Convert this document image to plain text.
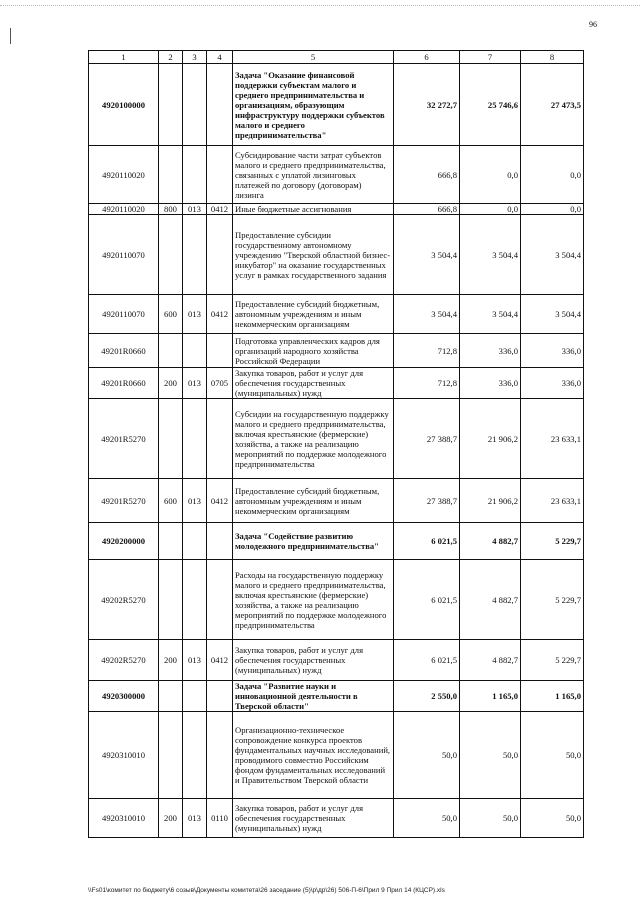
96
1	2	3	4	5	6	7	8
4920100000				Задача "Оказание финансовой поддержки субъектам малого и среднего предпринимательства и организациям, образующим инфраструктуру поддержки субъектов малого и среднего предпринимательства"	32 272,7	25 746,6	27 473,5
4920110020				Субсидирование части затрат субъектов малого и среднего предпринимательства, связанных с уплатой лизинговых платежей по договору (договорам) лизинга	666,8	0,0	0,0
4920110020	800	013	0412	Иные бюджетные ассигнования	666,8	0,0	0,0
4920110070				Предоставление субсидии государственному автономному учреждению "Тверской областной бизнес-инкубатор" на оказание государственных услуг в рамках государственного задания	3 504,4	3 504,4	3 504,4
4920110070	600	013	0412	Предоставление субсидий бюджетным, автономным учреждениям и иным некоммерческим организациям	3 504,4	3 504,4	3 504,4
49201R0660				Подготовка управленческих кадров для организаций народного хозяйства Российской Федерации	712,8	336,0	336,0
49201R0660	200	013	0705	Закупка товаров, работ и услуг для обеспечения государственных (муниципальных) нужд	712,8	336,0	336,0
49201R5270				Субсидии на государственную поддержку малого и среднего предпринимательства, включая крестьянские (фермерские) хозяйства, а также на реализацию мероприятий по поддержке молодежного предпринимательства	27 388,7	21 906,2	23 633,1
49201R5270	600	013	0412	Предоставление субсидий бюджетным, автономным учреждениям и иным некоммерческим организациям	27 388,7	21 906,2	23 633,1
4920200000				Задача "Содействие развитию молодежного предпринимательства"	6 021,5	4 882,7	5 229,7
49202R5270				Расходы на государственную поддержку малого и среднего предпринимательства, включая крестьянские (фермерские) хозяйства, а также на реализацию мероприятий по поддержке молодежного предпринимательства	6 021,5	4 882,7	5 229,7
49202R5270	200	013	0412	Закупка товаров, работ и услуг для обеспечения государственных (муниципальных) нужд	6 021,5	4 882,7	5 229,7
4920300000				Задача "Развитие науки и инновационной деятельности в Тверской области"	2 550,0	1 165,0	1 165,0
4920310010				Организационно-техническое сопровождение конкурса проектов фундаментальных научных исследований, проводимого совместно Российским фондом фундаментальных исследований и Правительством Тверской области	50,0	50,0	50,0
4920310010	200	013	0110	Закупка товаров, работ и услуг для обеспечения государственных (муниципальных) нужд	50,0	50,0	50,0
\\Fs01\комитет по бюджету\6 созыв\Документы комитета\26 заседание (5)\р\др\26) 506-П-6\Прил 9 Прил 14 (КЦСР).xls
